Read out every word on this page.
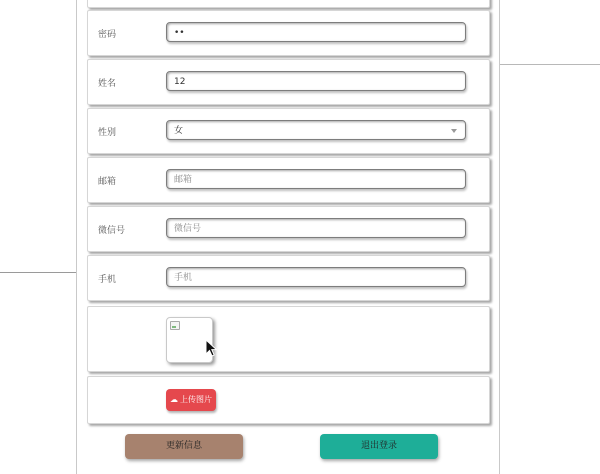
密码	••
姓名	12
性别	女
邮箱	邮箱
微信号	微信号
手机	手机
☁ 上传图片
更新信息	退出登录
